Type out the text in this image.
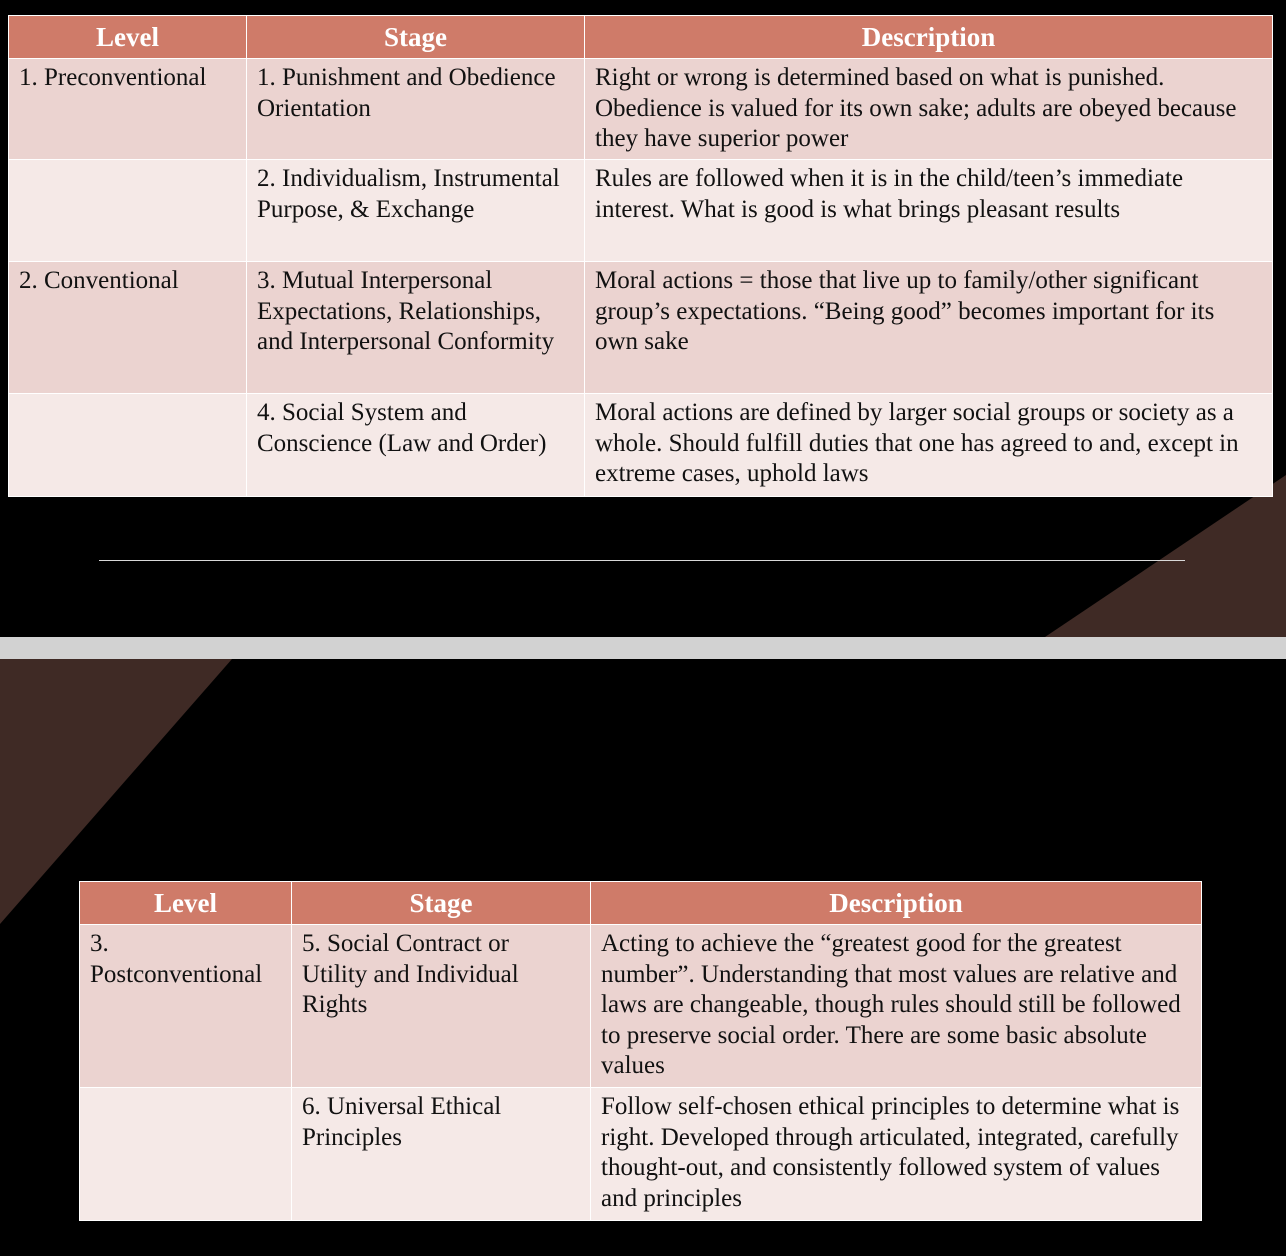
Level	Stage	Description
1. Preconventional	1. Punishment and Obedience Orientation	Right or wrong is determined based on what is punished. Obedience is valued for its own sake; adults are obeyed because they have superior power
	2. Individualism, Instrumental Purpose, & Exchange	Rules are followed when it is in the child/teen’s immediate interest. What is good is what brings pleasant results
2. Conventional	3. Mutual Interpersonal Expectations, Relationships, and Interpersonal Conformity	Moral actions = those that live up to family/other significant group’s expectations. “Being good” becomes important for its own sake
	4. Social System and Conscience (Law and Order)	Moral actions are defined by larger social groups or society as a whole. Should fulfill duties that one has agreed to and, except in extreme cases, uphold laws
Level	Stage	Description
3. Postconventional	5. Social Contract or Utility and Individual Rights	Acting to achieve the “greatest good for the greatest number”. Understanding that most values are relative and laws are changeable, though rules should still be followed to preserve social order. There are some basic absolute values
	6. Universal Ethical Principles	Follow self-chosen ethical principles to determine what is right. Developed through articulated, integrated, carefully thought-out, and consistently followed system of values and principles
